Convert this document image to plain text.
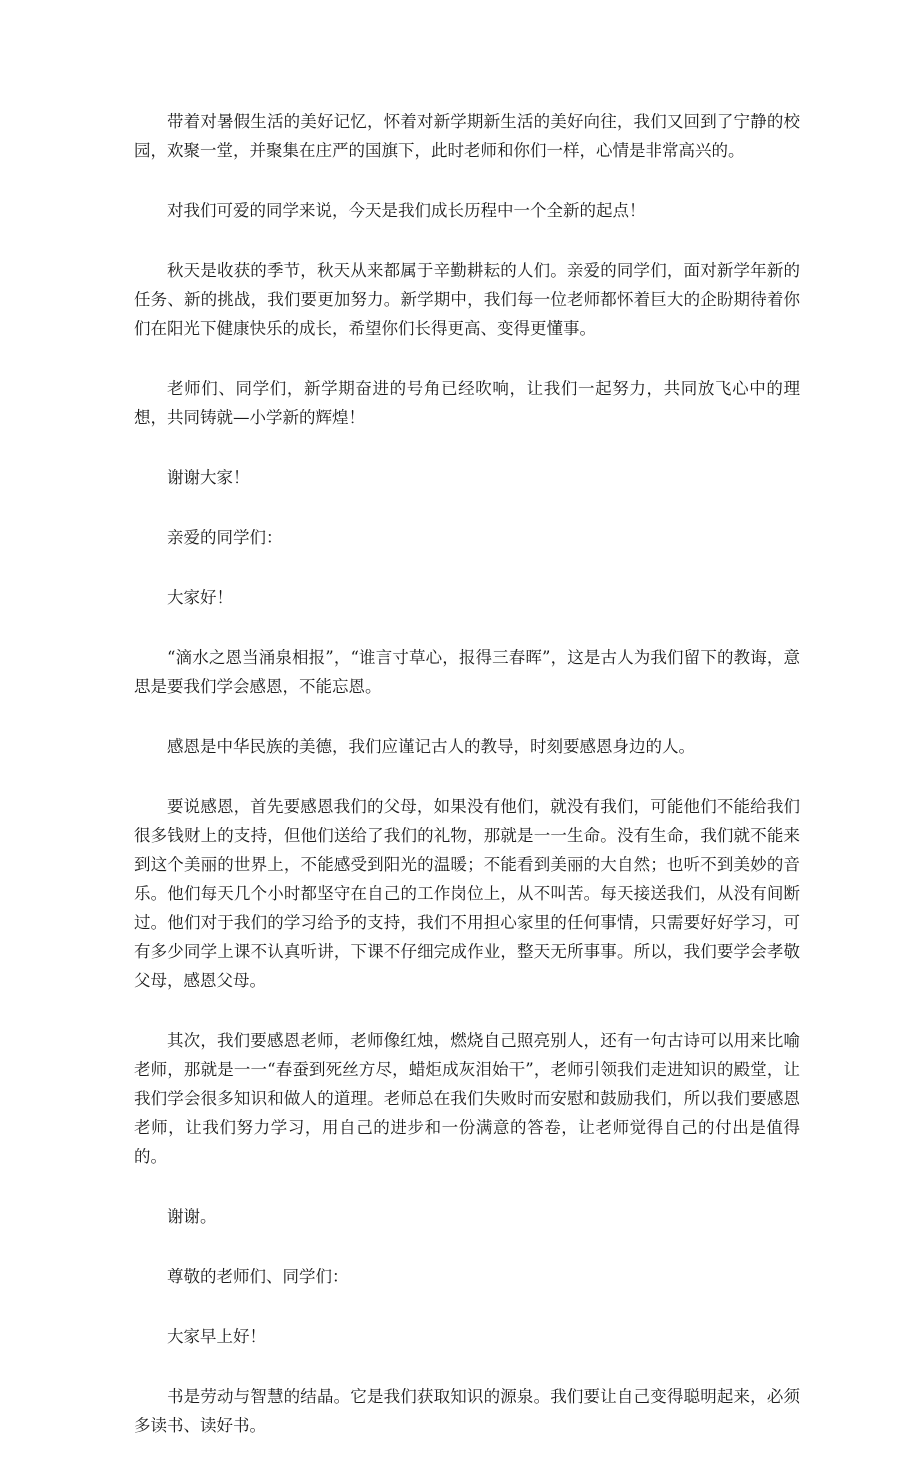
带着对暑假生活的美好记忆，怀着对新学期新生活的美好向往，我们又回到了宁静的校园，欢聚一堂，并聚集在庄严的国旗下，此时老师和你们一样，心情是非常高兴的。

对我们可爱的同学来说，今天是我们成长历程中一个全新的起点！

秋天是收获的季节，秋天从来都属于辛勤耕耘的人们。亲爱的同学们，面对新学年新的任务、新的挑战，我们要更加努力。新学期中，我们每一位老师都怀着巨大的企盼期待着你们在阳光下健康快乐的成长，希望你们长得更高、变得更懂事。

老师们、同学们，新学期奋进的号角已经吹响，让我们一起努力，共同放飞心中的理想，共同铸就—小学新的辉煌！

谢谢大家！

亲爱的同学们：

大家好！

“滴水之恩当涌泉相报”，“谁言寸草心，报得三春晖”，这是古人为我们留下的教诲，意思是要我们学会感恩，不能忘恩。

感恩是中华民族的美德，我们应谨记古人的教导，时刻要感恩身边的人。

要说感恩，首先要感恩我们的父母，如果没有他们，就没有我们，可能他们不能给我们很多钱财上的支持，但他们送给了我们的礼物，那就是一一生命。没有生命，我们就不能来到这个美丽的世界上，不能感受到阳光的温暖；不能看到美丽的大自然；也听不到美妙的音乐。他们每天几个小时都坚守在自己的工作岗位上，从不叫苦。每天接送我们，从没有间断过。他们对于我们的学习给予的支持，我们不用担心家里的任何事情，只需要好好学习，可有多少同学上课不认真听讲，下课不仔细完成作业，整天无所事事。所以，我们要学会孝敬父母，感恩父母。

其次，我们要感恩老师，老师像红烛，燃烧自己照亮别人，还有一句古诗可以用来比喻老师，那就是一一“春蚕到死丝方尽，蜡炬成灰泪始干”，老师引领我们走进知识的殿堂，让我们学会很多知识和做人的道理。老师总在我们失败时而安慰和鼓励我们，所以我们要感恩老师，让我们努力学习，用自己的进步和一份满意的答卷，让老师觉得自己的付出是值得的。

谢谢。

尊敬的老师们、同学们：

大家早上好！

书是劳动与智慧的结晶。它是我们获取知识的源泉。我们要让自己变得聪明起来，必须多读书、读好书。
